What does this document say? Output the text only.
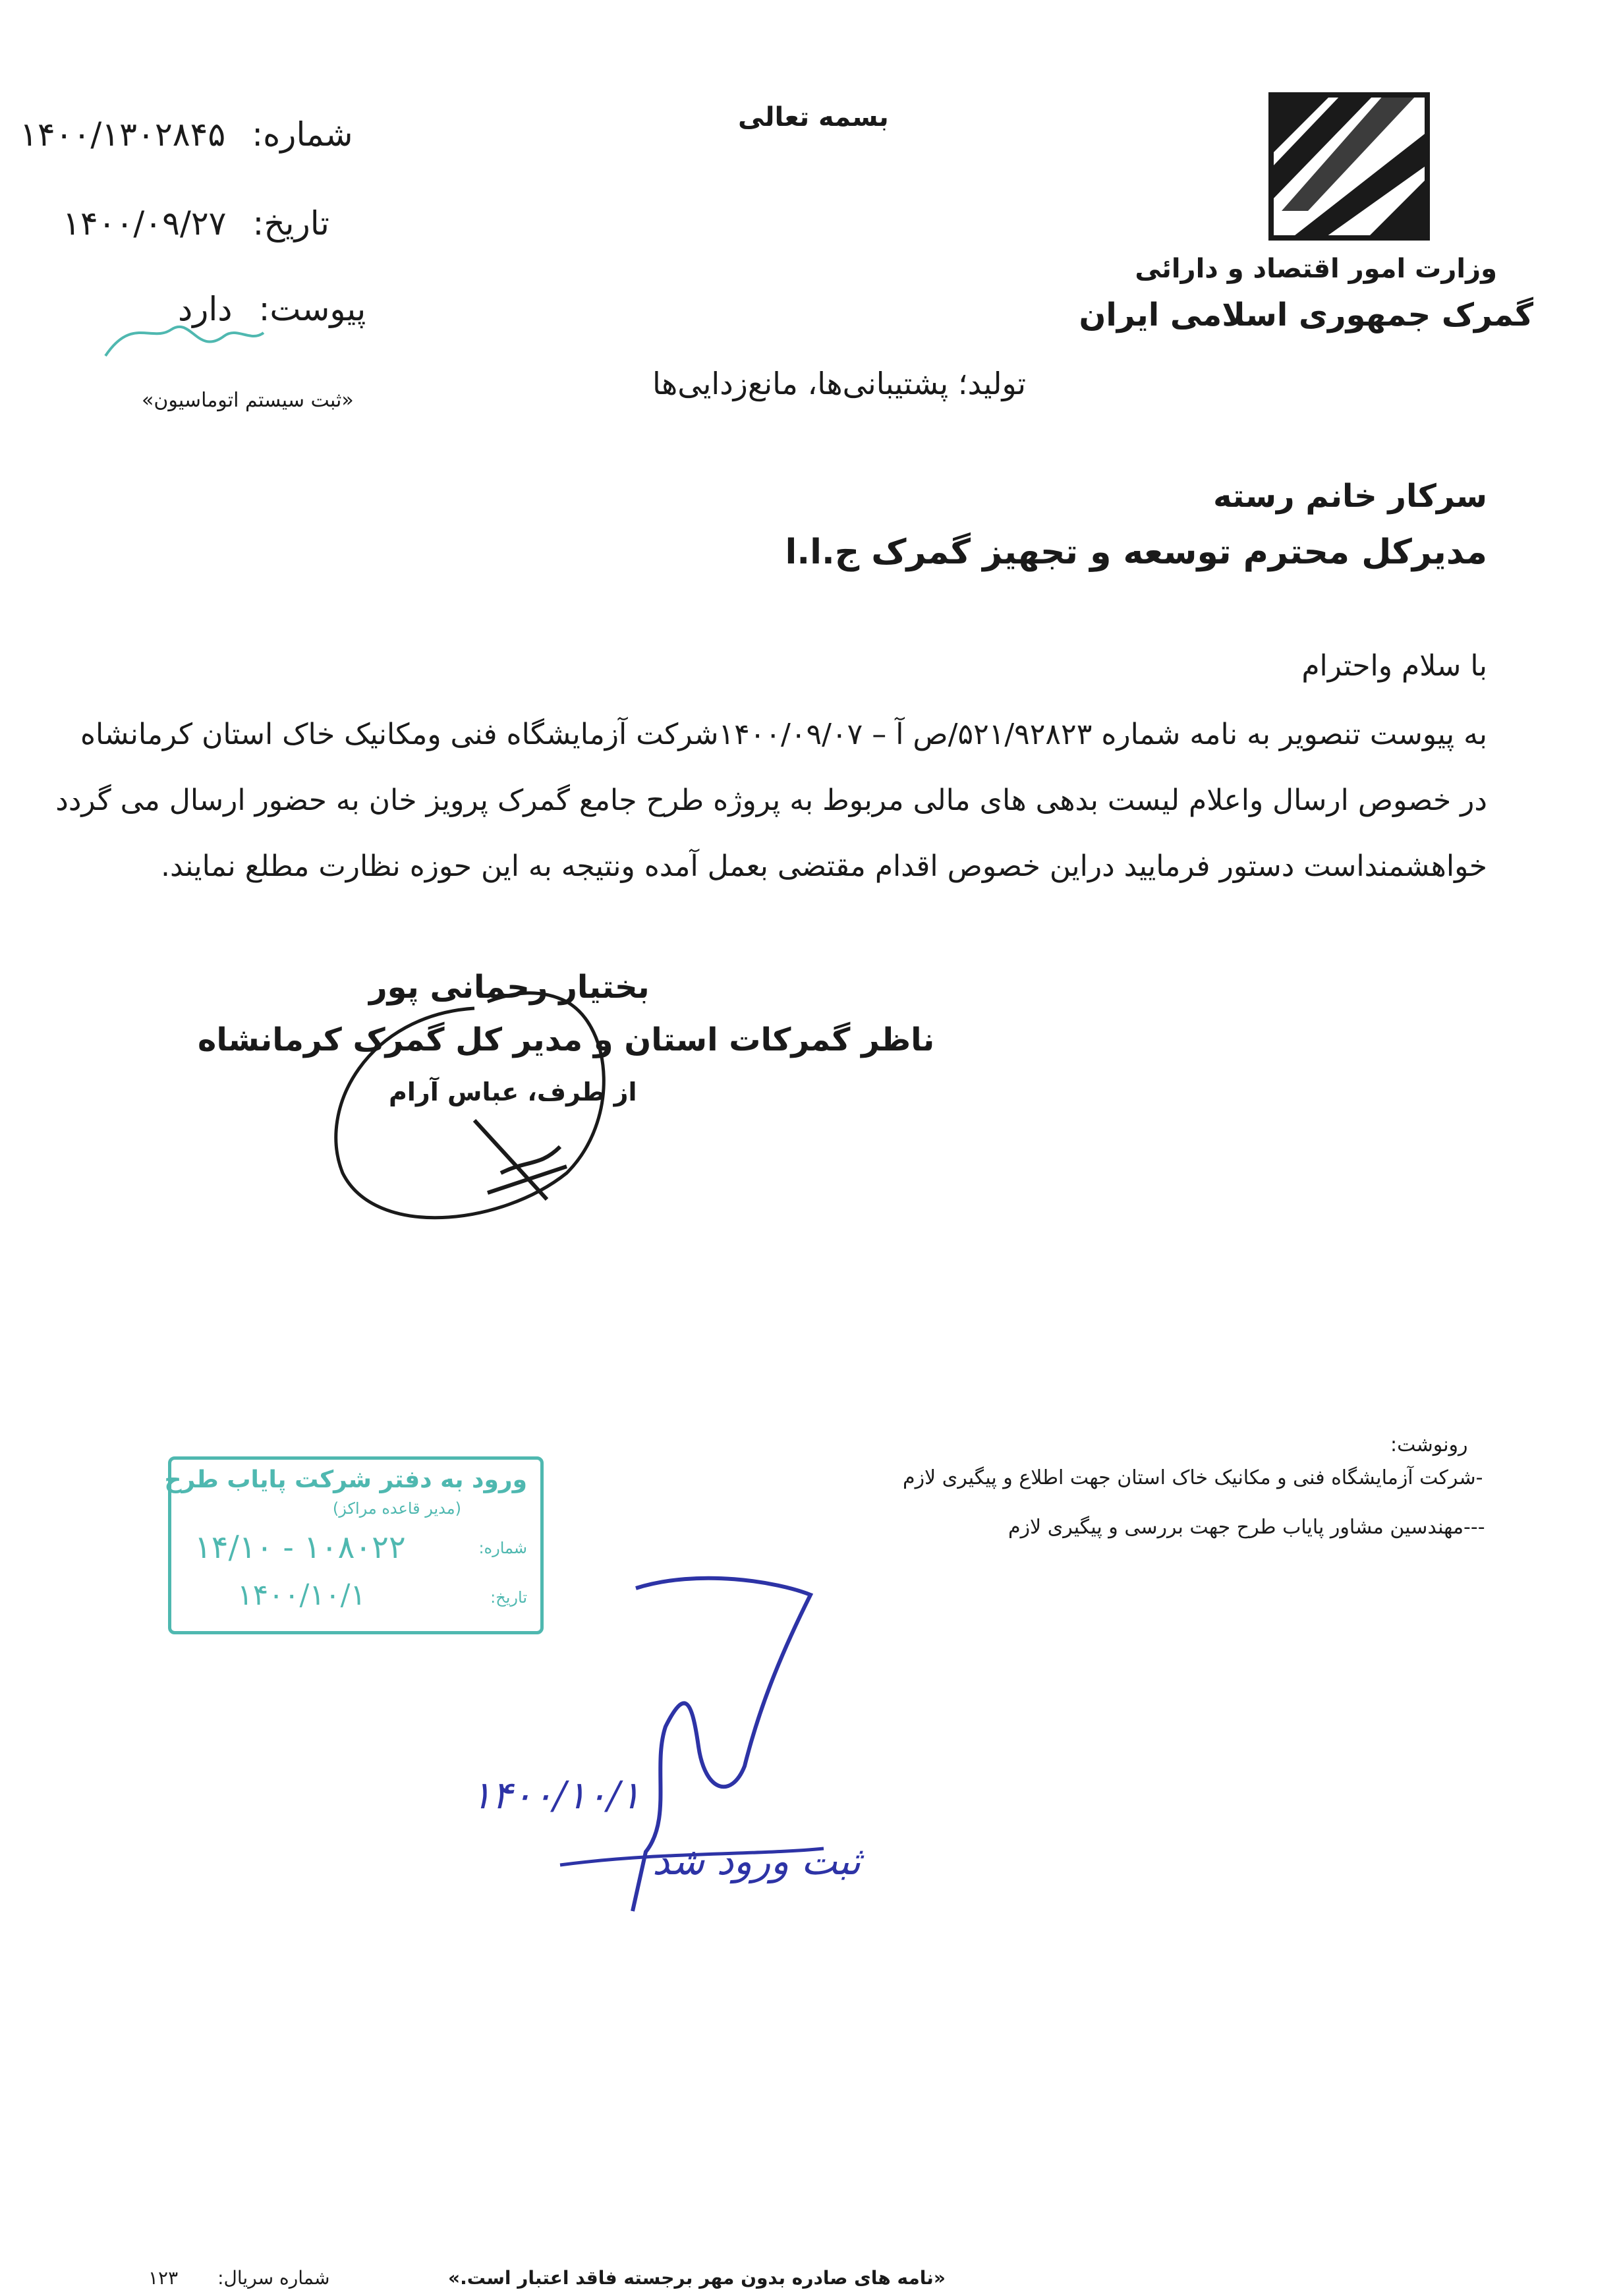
وزارت امور اقتصاد و دارائی
گمرک جمهوری اسلامی ایران
بسمه تعالی
شماره:
۱۴۰۰/۱۳۰۲۸۴۵
تاریخ:
۱۴۰۰/۰۹/۲۷
پیوست:
دارد
«ثبت سیستم اتوماسیون»	تولید؛ پشتیبانی‌ها، مانع‌زدایی‌ها
سرکار خانم رسته
مدیرکل محترم توسعه و تجهیز گمرک ج.ا.ا
با سلام واحترام

به پیوست تنصویر به نامه شماره ۵۲۱/۹۲۸۲۳/ص آ – ۱۴۰۰/۰۹/۰۷شرکت آزمایشگاه فنی ومکانیک خاک استان کرمانشاه

در خصوص ارسال واعلام لیست بدهی های مالی مربوط به پروژه طرح جامع گمرک پرویز خان به حضور ارسال می گردد

خواهشمنداست دستور فرمایید دراین خصوص اقدام مقتضی بعمل آمده ونتیجه به این حوزه نظارت مطلع نمایند.

بختیار رحمانی پور
ناظر گمرکات استان و مدیر کل گمرک کرمانشاه
از طرف، عباس آرام
رونوشت:
-شرکت آزمایشگاه فنی و مکانیک خاک استان جهت اطلاع و پیگیری لازم
---مهندسین مشاور پایاب طرح جهت بررسی و پیگیری لازم
ورود به دفتر شرکت پایاب طرح
(مدیر قاعده مراکز)
شماره:
۱۴/۱۰ - ۱۰۸۰۲۲
تاریخ:
۱۴۰۰/۱۰/۱
۱۴۰۰/۱۰/۱
ثبت ورود شد
«نامه های صادره بدون مهر برجسته فاقد اعتبار است.»
شماره سریال:
۱۲۳
